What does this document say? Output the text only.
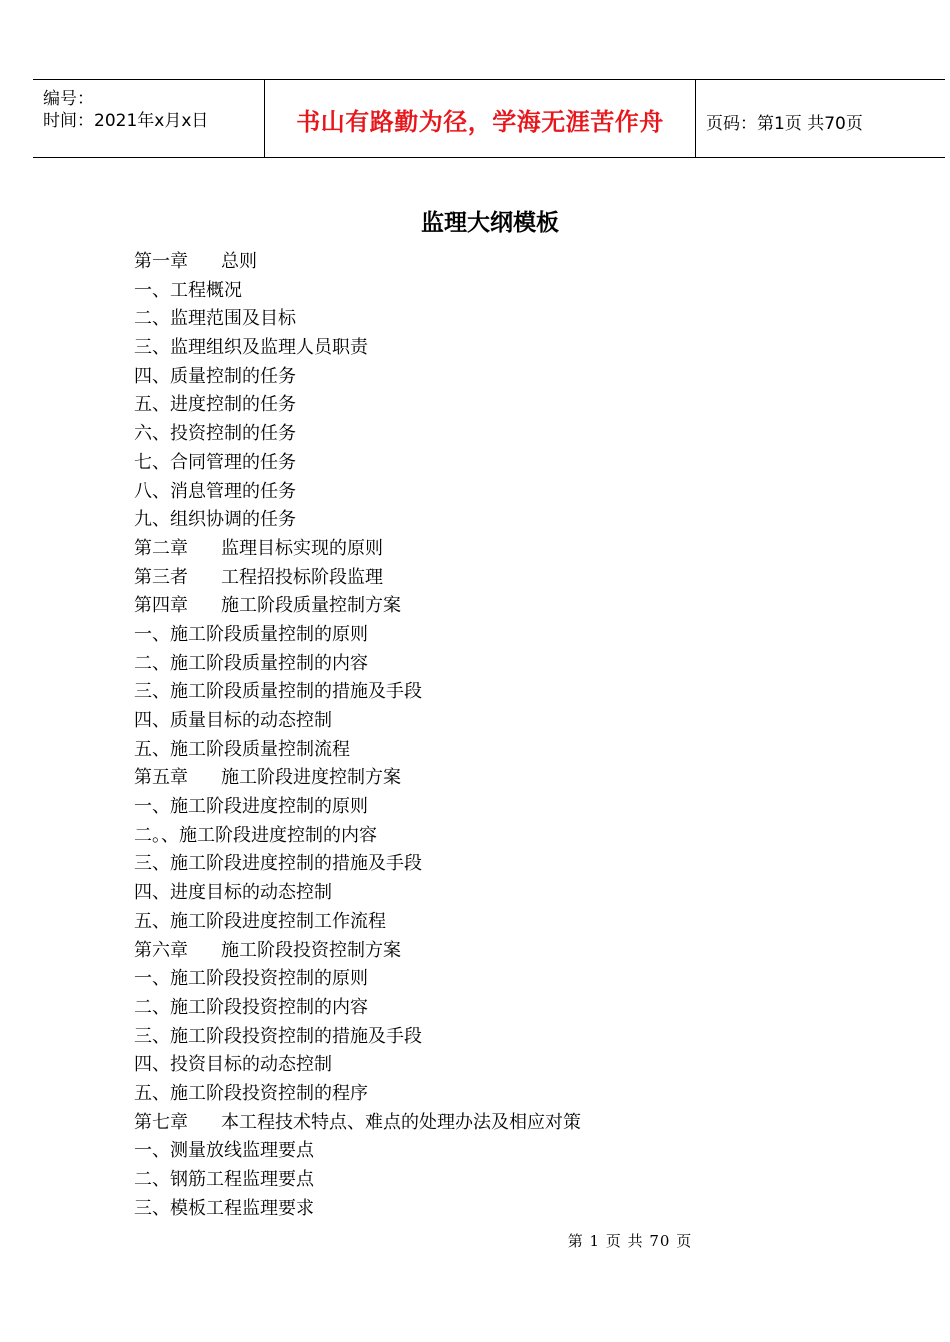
编号：
时间：2021年x月x日	书山有路勤为径，学海无涯苦作舟	页码：第1页 共70页
监理大纲模板
第一章 总则
一、工程概况
二、监理范围及目标
三、监理组织及监理人员职责
四、质量控制的任务
五、进度控制的任务
六、投资控制的任务
七、合同管理的任务
八、消息管理的任务
九、组织协调的任务
第二章 监理目标实现的原则
第三者 工程招投标阶段监理
第四章 施工阶段质量控制方案
一、施工阶段质量控制的原则
二、施工阶段质量控制的内容
三、施工阶段质量控制的措施及手段
四、质量目标的动态控制
五、施工阶段质量控制流程
第五章 施工阶段进度控制方案
一、施工阶段进度控制的原则
二。、施工阶段进度控制的内容
三、施工阶段进度控制的措施及手段
四、进度目标的动态控制
五、施工阶段进度控制工作流程
第六章 施工阶段投资控制方案
一、施工阶段投资控制的原则
二、施工阶段投资控制的内容
三、施工阶段投资控制的措施及手段
四、投资目标的动态控制
五、施工阶段投资控制的程序
第七章 本工程技术特点、难点的处理办法及相应对策
一、测量放线监理要点
二、钢筋工程监理要点
三、模板工程监理要求
第 1 页 共 70 页
